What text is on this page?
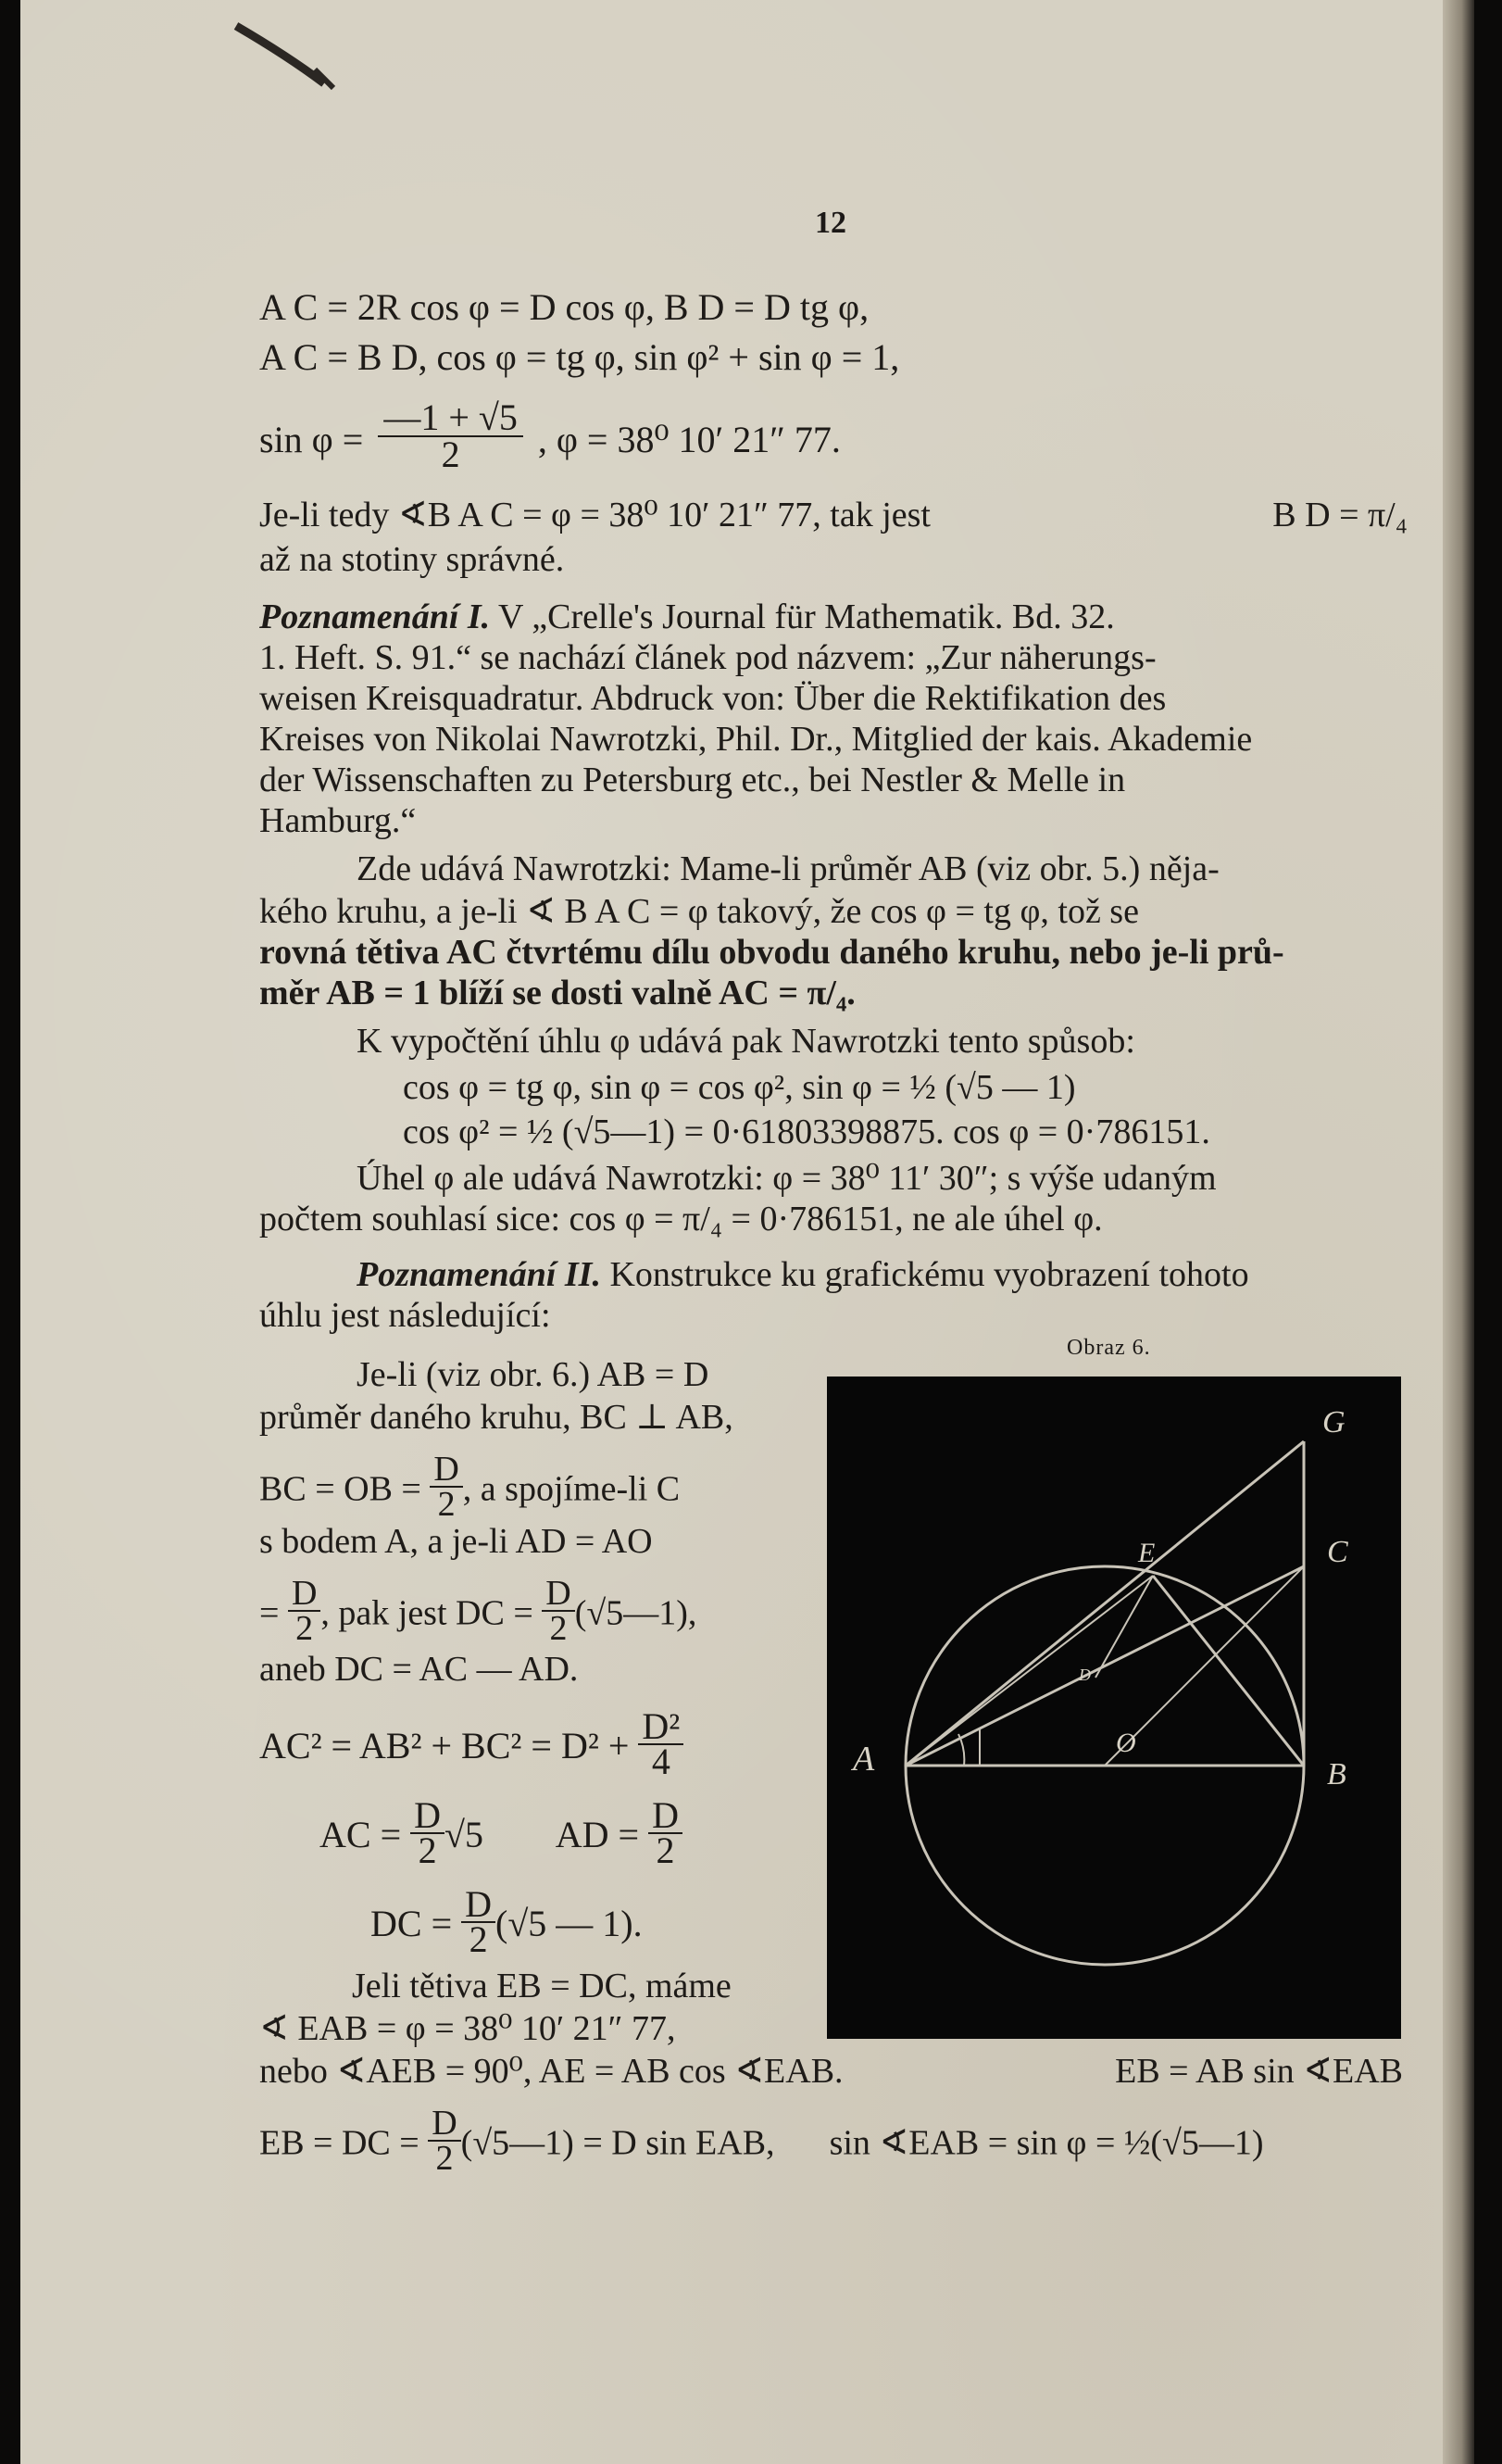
12
A C = 2R cos φ = D cos φ, B D = D tg φ,
A C = B D, cos φ = tg φ, sin φ² + sin φ = 1,
$\sin \varphi = \frac{—1 + √5}{2}$ , φ = 38⁰ 10′ 21″ 77.
Je-li tedy ∢B A C = φ = 38⁰ 10′ 21″ 77, tak jest	B D = π/₄
až na stotiny správné.
Poznamenání I. V „Crelle's Journal für Mathematik. Bd. 32.
1. Heft. S. 91.“ se nachází článek pod názvem: „Zur näherungs-
weisen Kreisquadratur. Abdruck von: Über die Rektifikation des
Kreises von Nikolai Nawrotzki, Phil. Dr., Mitglied der kais. Akademie
der Wissenschaften zu Petersburg etc., bei Nestler & Melle in
Hamburg.“
Zde udává Nawrotzki: Mame-li průměr AB (viz obr. 5.) něja-
kého kruhu, a je-li ∢ B A C = φ takový, že cos φ = tg φ, tož se
rovná tětiva AC čtvrtému dílu obvodu daného kruhu, nebo je-li prů-
měr AB = 1 blíží se dosti valně AC = π/₄.
K vypočtění úhlu φ udává pak Nawrotzki tento spůsob:
cos φ = tg φ, sin φ = cos φ², sin φ = ½ (√5 — 1)
cos φ² = ½ (√5—1) = 0·61803398875. cos φ = 0·786151.
Úhel φ ale udává Nawrotzki: φ = 38⁰ 11′ 30″; s výše udaným
počtem souhlasí sice: cos φ = π/₄ = 0·786151, ne ale úhel φ.
Poznamenání II. Konstrukce ku grafickému vyobrazení tohoto
úhlu jest následující:
Je-li (viz obr. 6.) AB = D
průměr daného kruhu, BC ⊥ AB,
BC = OB = $\frac{D}{2}$ , a spojíme-li C
s bodem A, a je-li AD = AO
= $\frac{D}{2}$ , pak jest DC = $\frac{D}{2}$ (√5—1),
aneb DC = AC — AD.
$AC^2 = AB^2 + BC^2 = D^2 + \frac{\text{D²}}{4}$
AC = $\frac{D}{2} √5$ AD = $\frac{D}{2}$
DC = $\frac{D}{2} (√5$ — 1).
Jeli tětiva EB = DC, máme
∢ EAB = φ = 38⁰ 10′ 21″ 77,
nebo ∢AEB = 90⁰, AE = AB cos ∢EAB.	EB = AB sin ∢EAB
EB = DC = $\frac{D}{2}$ (√5—1) = D sin EAB, sin ∢EAB = sin φ = ½(√5—1)
Obraz 6.
A	B
C
D
E
G
O
